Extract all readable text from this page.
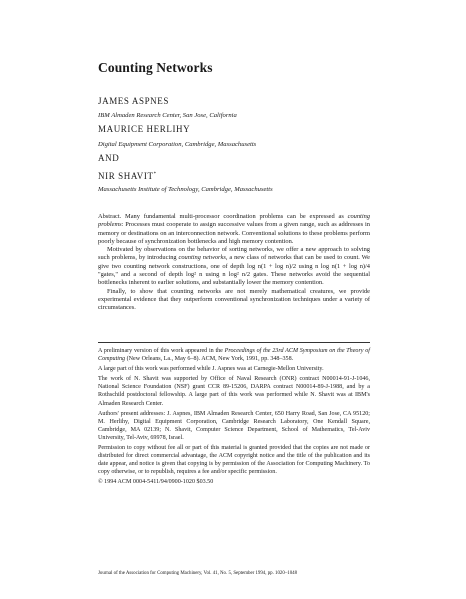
Counting Networks
JAMES ASPNES
IBM Almaden Research Center, San Jose, California
MAURICE HERLIHY
Digital Equipment Corporation, Cambridge, Massachusetts
AND
NIR SHAVIT*
Massachusetts Institute of Technology, Cambridge, Massachusetts

Abstract. Many fundamental multi-processor coordination problems can be expressed as counting problems: Processes must cooperate to assign successive values from a given range, such as addresses in memory or destinations on an interconnection network. Conventional solutions to these problems perform poorly because of synchronization bottlenecks and high memory contention.

Motivated by observations on the behavior of sorting networks, we offer a new approach to solving such problems, by introducing counting networks, a new class of networks that can be used to count. We give two counting network constructions, one of depth log n(1 + log n)/2 using n log n(1 + log n)/4 "gates," and a second of depth log² n using n log² n/2 gates. These networks avoid the sequential bottlenecks inherent to earlier solutions, and substantially lower the memory contention.

Finally, to show that counting networks are not merely mathematical creatures, we provide experimental evidence that they outperform conventional synchronization techniques under a variety of circumstances.

A preliminary version of this work appeared in the Proceedings of the 23rd ACM Symposium on the Theory of Computing (New Orleans, La., May 6–8). ACM, New York, 1991, pp. 348–358.

A large part of this work was performed while J. Aspnes was at Carnegie-Mellon University.

The work of N. Shavit was supported by Office of Naval Research (ONR) contract N00014-91-J-1046, National Science Foundation (NSF) grant CCR 89-15206, DARPA contract N00014-89-J-1988, and by a Rothschild postdoctoral fellowship. A large part of this work was performed while N. Shavit was at IBM's Almaden Research Center.

Authors' present addresses: J. Aspnes, IBM Almaden Research Center, 650 Harry Road, San Jose, CA 95120; M. Herlihy, Digital Equipment Corporation, Cambridge Research Laboratory, One Kendall Square, Cambridge, MA 02139; N. Shavit, Computer Science Department, School of Mathematics, Tel-Aviv University, Tel-Aviv, 69978, Israel.

Permission to copy without fee all or part of this material is granted provided that the copies are not made or distributed for direct commercial advantage, the ACM copyright notice and the title of the publication and its date appear, and notice is given that copying is by permission of the Association for Computing Machinery. To copy otherwise, or to republish, requires a fee and/or specific permission.

© 1994 ACM 0004-5411/94/0900-1020 $03.50

Journal of the Association for Computing Machinery, Vol. 41, No. 5, September 1994, pp. 1020–1048
